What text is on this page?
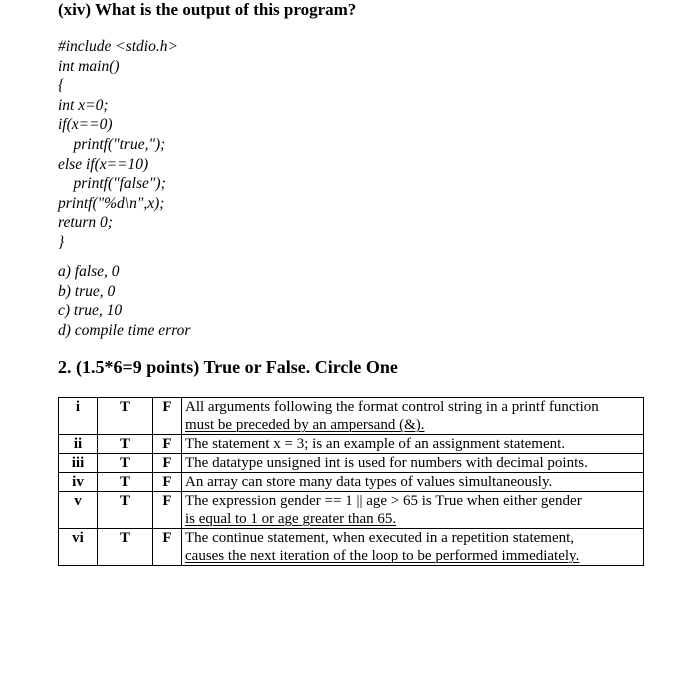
(xiv) What is the output of this program?
#include <stdio.h>
int main()
{
int x=0;
if(x==0)
printf("true,");
else if(x==10)
printf("false");
printf("%d\n",x);
return 0;
}
a) false, 0
b) true, 0
c) true, 10
d) compile time error
2. (1.5*6=9 points) True or False. Circle One
i	T	F	All arguments following the format control string in a printf function
must be preceded by an ampersand (&).

ii	T	F	The statement x = 3; is an example of an assignment statement.

iii	T	F	The datatype unsigned int is used for numbers with decimal points.

iv	T	F	An array can store many data types of values simultaneously.

v	T	F	The expression gender == 1 || age > 65 is True when either gender
is equal to 1 or age greater than 65.

vi	T	F	The continue statement, when executed in a repetition statement,
causes the next iteration of the loop to be performed immediately.
